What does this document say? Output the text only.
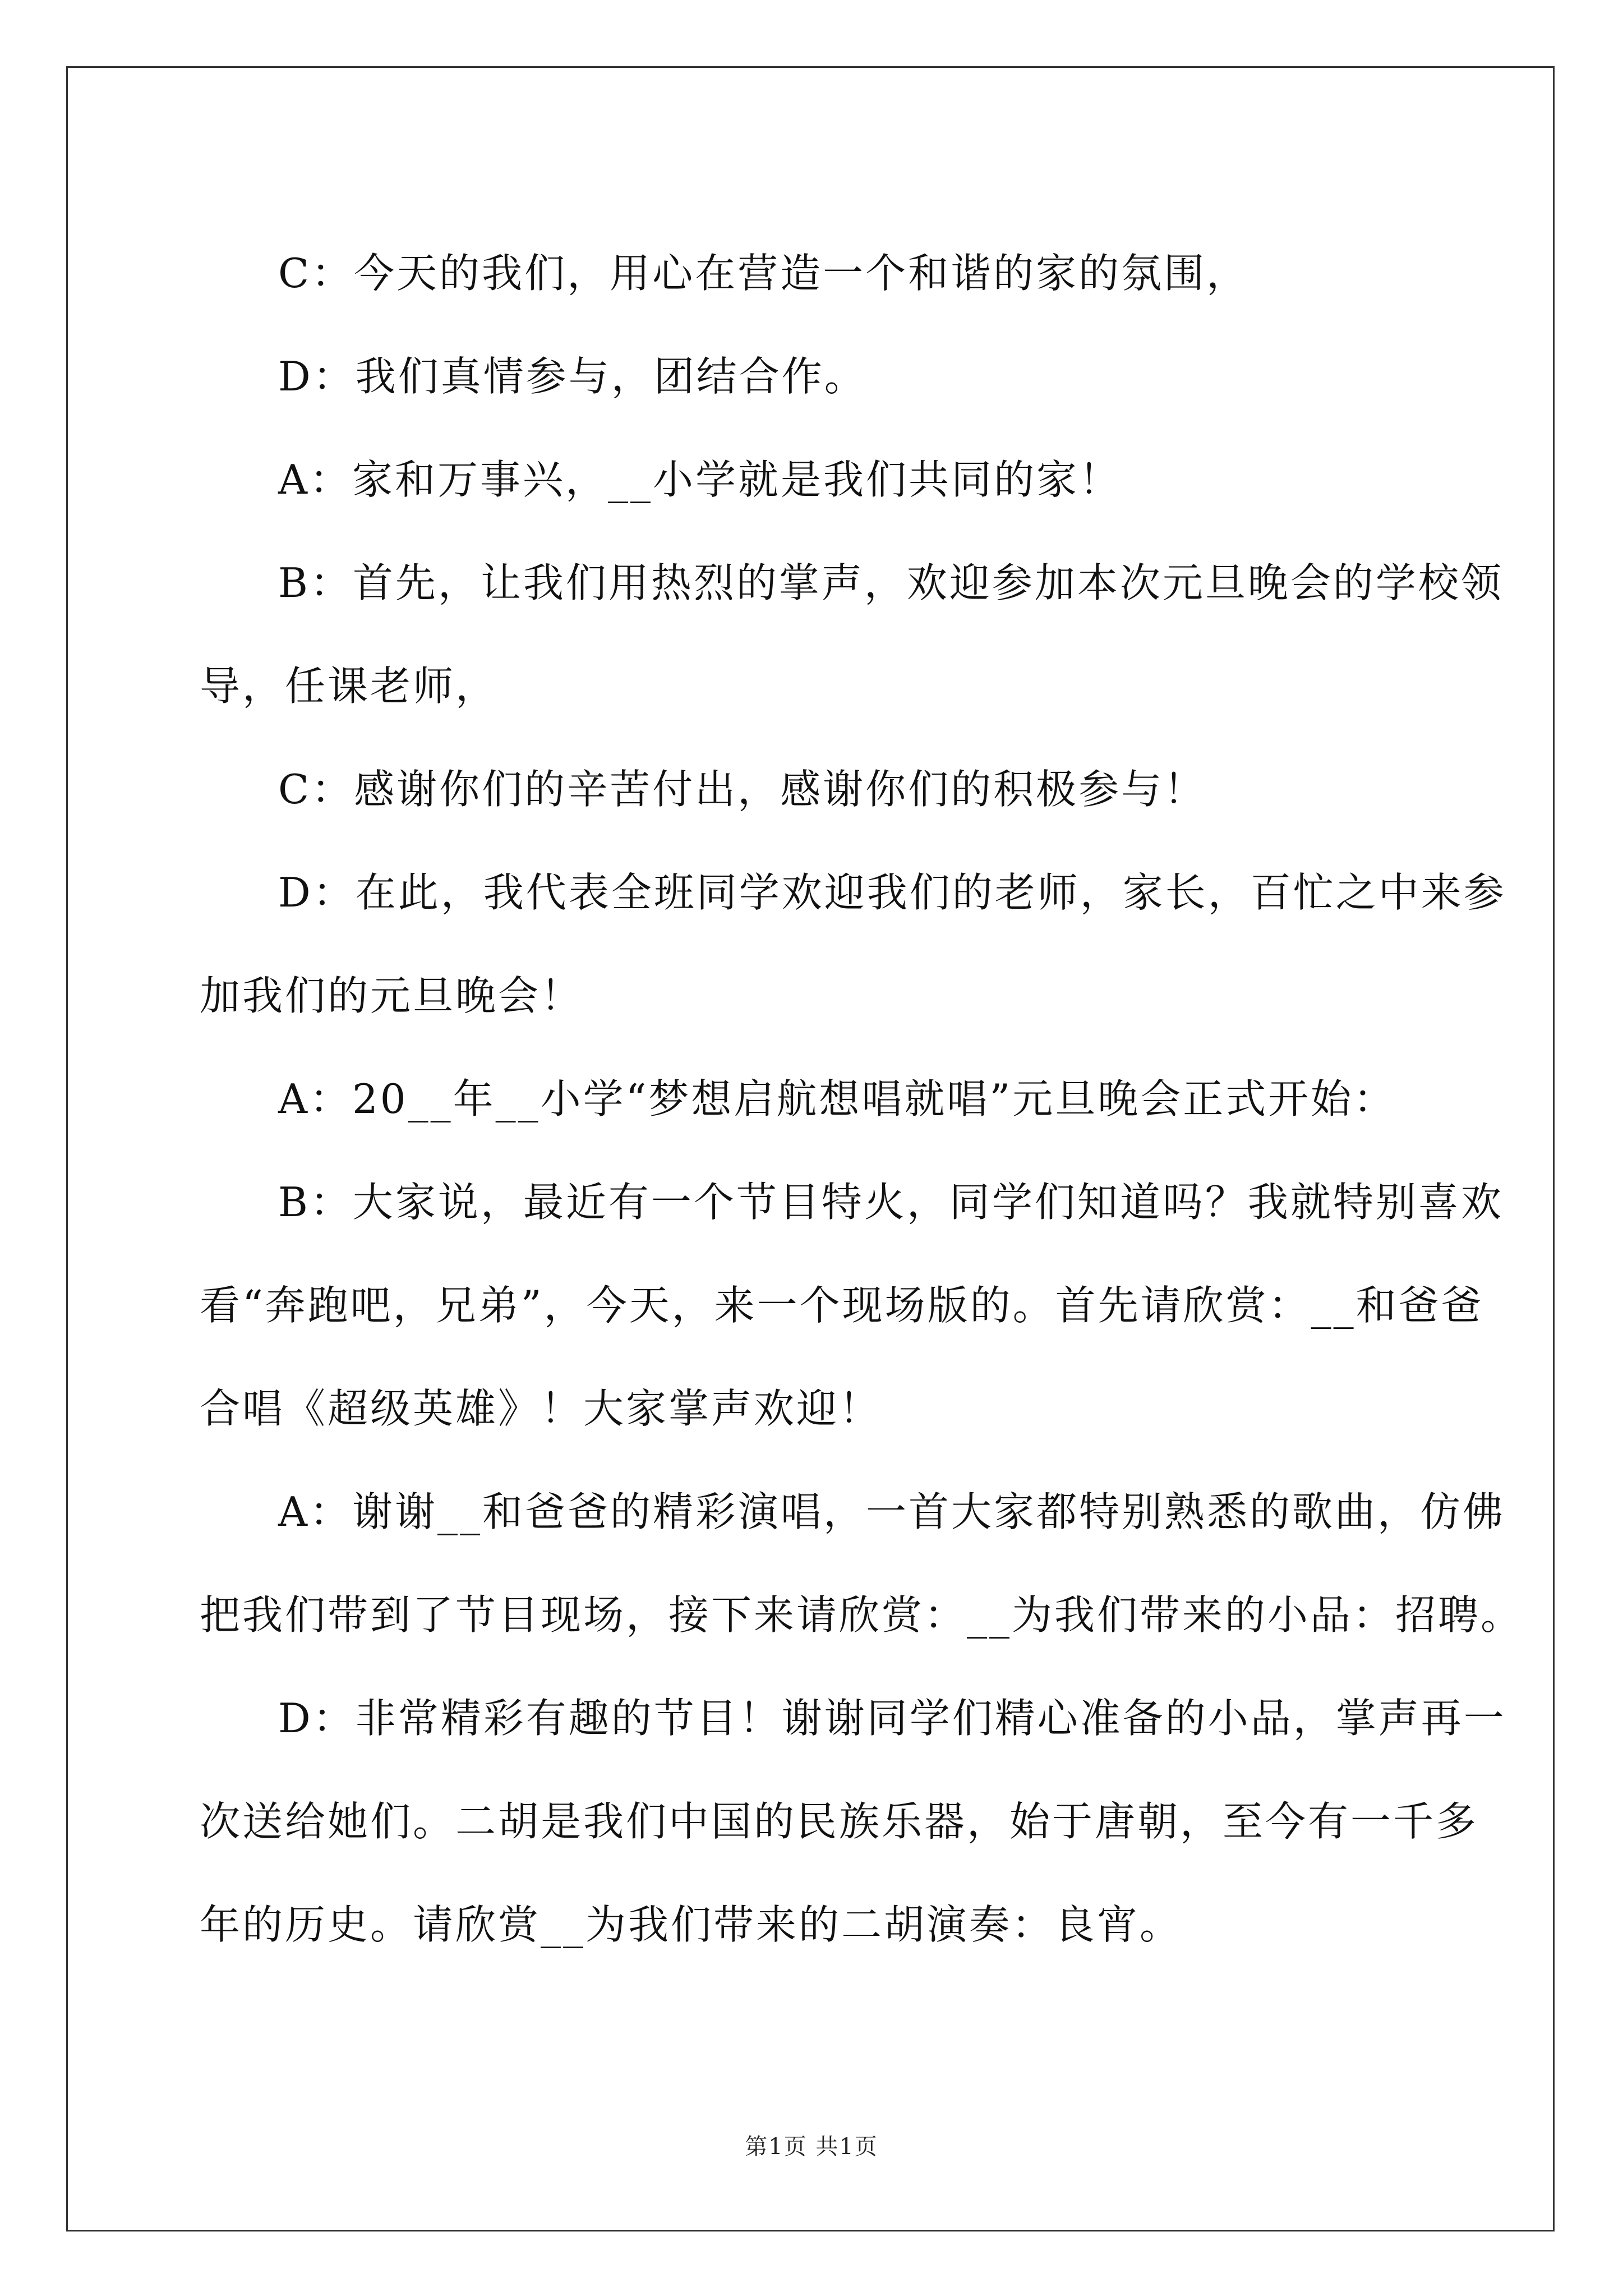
C：今天的我们，用心在营造一个和谐的家的氛围，

D：我们真情参与，团结合作。

A：家和万事兴，__小学就是我们共同的家！

B：首先，让我们用热烈的掌声，欢迎参加本次元旦晚会的学校领

导，任课老师，

C：感谢你们的辛苦付出，感谢你们的积极参与！

D：在此，我代表全班同学欢迎我们的老师，家长，百忙之中来参

加我们的元旦晚会！

A：20__年__小学“梦想启航想唱就唱”元旦晚会正式开始：

B：大家说，最近有一个节目特火，同学们知道吗？我就特别喜欢

看“奔跑吧，兄弟”，今天，来一个现场版的。首先请欣赏：__和爸爸

合唱《超级英雄》！大家掌声欢迎！

A：谢谢__和爸爸的精彩演唱，一首大家都特别熟悉的歌曲，仿佛

把我们带到了节目现场，接下来请欣赏：__为我们带来的小品：招聘。

D：非常精彩有趣的节目！谢谢同学们精心准备的小品，掌声再一

次送给她们。二胡是我们中国的民族乐器，始于唐朝，至今有一千多

年的历史。请欣赏__为我们带来的二胡演奏：良宵。

第1页 共1页
